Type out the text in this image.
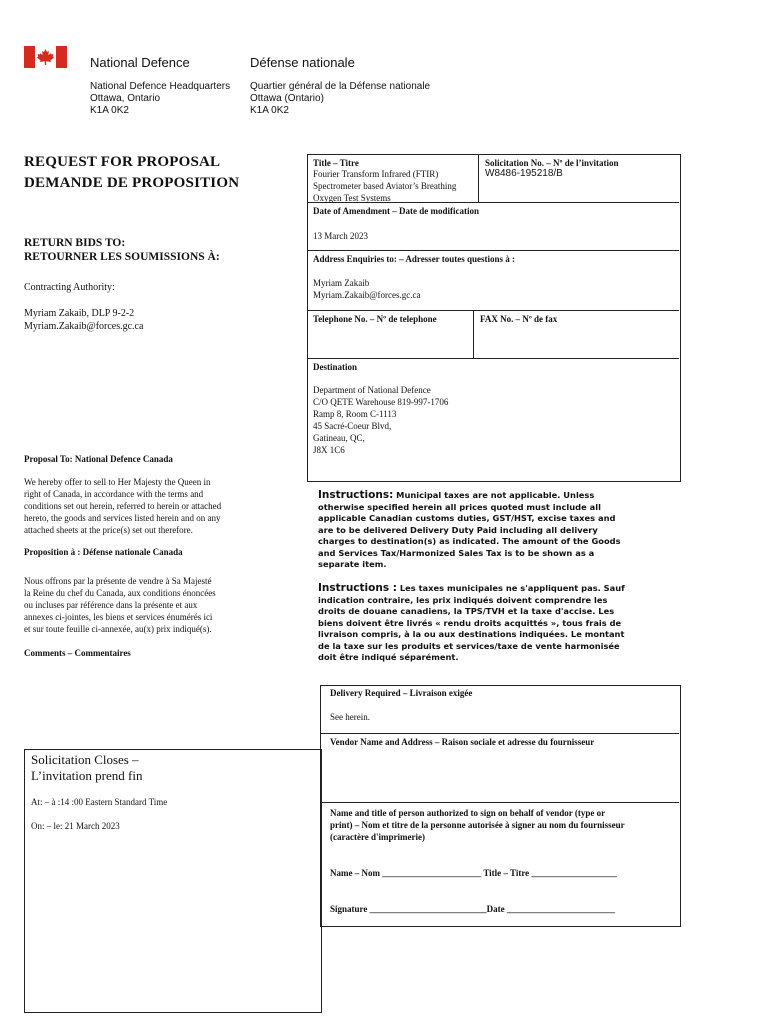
National Defence	Défense nationale
National Defence Headquarters
Ottawa, Ontario
K1A 0K2
Quartier général de la Défense nationale
Ottawa (Ontario)
K1A 0K2
REQUEST FOR PROPOSAL
DEMANDE DE PROPOSITION
RETURN BIDS TO:
RETOURNER LES SOUMISSIONS À:
Contracting Authority:
Myriam Zakaib, DLP 9-2-2
Myriam.Zakaib@forces.gc.ca
Proposal To: National Defence Canada
We hereby offer to sell to Her Majesty the Queen in
right of Canada, in accordance with the terms and
conditions set out herein, referred to herein or attached
hereto, the goods and services listed herein and on any
attached sheets at the price(s) set out therefore.
Proposition à : Défense nationale Canada
Nous offrons par la présente de vendre à Sa Majesté
la Reine du chef du Canada, aux conditions énoncées
ou incluses par référence dans la présente et aux
annexes ci-jointes, les biens et services énumérés ici
et sur toute feuille ci-annexée, au(x) prix indiqué(s).
Comments – Commentaires
Solicitation Closes –
L’invitation prend fin
At: – à :14 :00 Eastern Standard Time
On: – le: 21 March 2023
Title – Titre
Fourier Transform Infrared (FTIR)
Spectrometer based Aviator’s Breathing
Oxygen Test Systems
Solicitation No. – Nº de l’invitation
W8486-195218/B
Date of Amendment – Date de modification
13 March 2023
Address Enquiries to: – Adresser toutes questions à :
Myriam Zakaib
Myriam.Zakaib@forces.gc.ca
Telephone No. – Nº de telephone	FAX No. – Nº de fax
Destination
Department of National Defence
C/O QETE Warehouse 819-997-1706
Ramp 8, Room C-1113
45 Sacré-Coeur Blvd,
Gatineau, QC,
J8X 1C6
Instructions: Municipal taxes are not applicable. Unless
otherwise specified herein all prices quoted must include all
applicable Canadian customs duties, GST/HST, excise taxes and
are to be delivered Delivery Duty Paid including all delivery
charges to destination(s) as indicated. The amount of the Goods
and Services Tax/Harmonized Sales Tax is to be shown as a
separate item.
Instructions : Les taxes municipales ne s'appliquent pas. Sauf
indication contraire, les prix indiqués doivent comprendre les
droits de douane canadiens, la TPS/TVH et la taxe d'accise. Les
biens doivent être livrés « rendu droits acquittés », tous frais de
livraison compris, à la ou aux destinations indiquées. Le montant
de la taxe sur les produits et services/taxe de vente harmonisée
doit être indiqué séparément.
Delivery Required – Livraison exigée
See herein.
Vendor Name and Address – Raison sociale et adresse du fournisseur
Name and title of person authorized to sign on behalf of vendor (type or
print) – Nom et titre de la personne autorisée à signer au nom du fournisseur
(caractère d'imprimerie)
Name – Nom ______________________ Title – Titre ___________________
Signature __________________________Date ________________________
